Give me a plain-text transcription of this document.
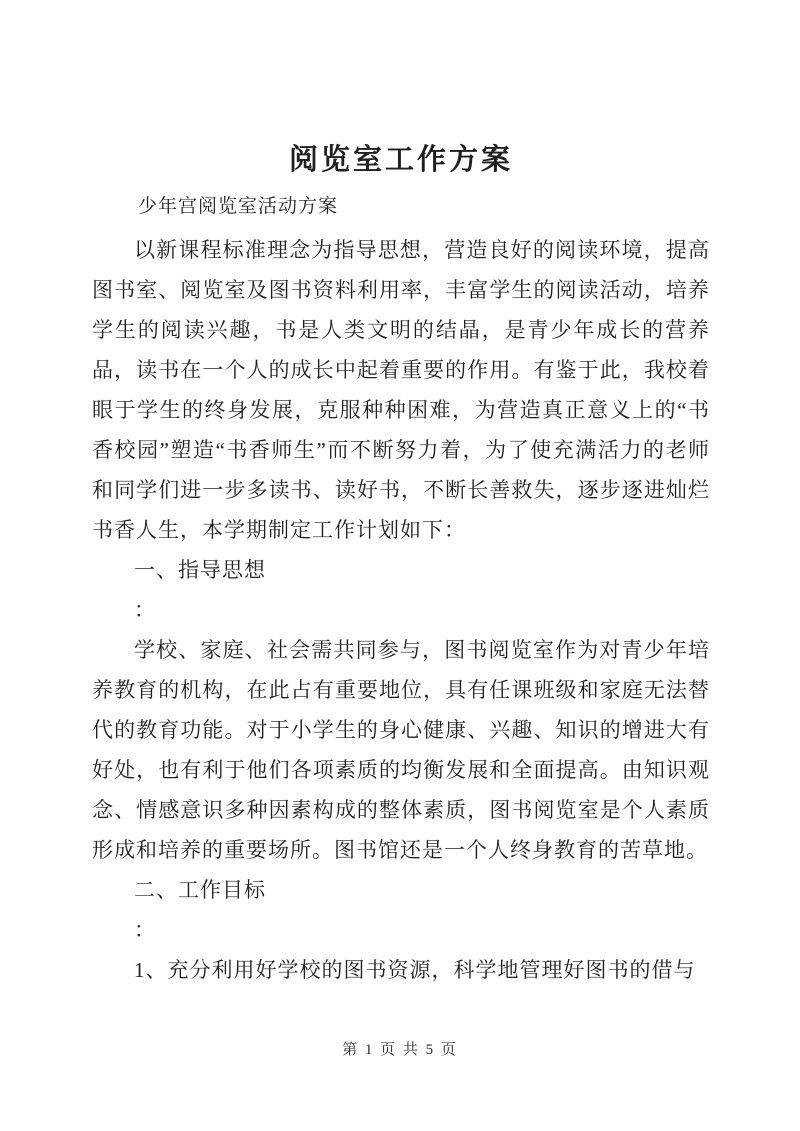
阅览室工作方案

少年宫阅览室活动方案

以新课程标准理念为指导思想，营造良好的阅读环境，提高图书室、阅览室及图书资料利用率，丰富学生的阅读活动，培养学生的阅读兴趣，书是人类文明的结晶，是青少年成长的营养品，读书在一个人的成长中起着重要的作用。有鉴于此，我校着眼于学生的终身发展，克服种种困难，为营造真正意义上的“书香校园”塑造“书香师生”而不断努力着，为了使充满活力的老师和同学们进一步多读书、读好书，不断长善救失，逐步逐进灿烂书香人生，本学期制定工作计划如下：

一、指导思想

：

学校、家庭、社会需共同参与，图书阅览室作为对青少年培养教育的机构，在此占有重要地位，具有任课班级和家庭无法替代的教育功能。对于小学生的身心健康、兴趣、知识的增进大有好处，也有利于他们各项素质的均衡发展和全面提高。由知识观念、情感意识多种因素构成的整体素质，图书阅览室是个人素质形成和培养的重要场所。图书馆还是一个人终身教育的苦草地。

二、工作目标

：

1、充分利用好学校的图书资源，科学地管理好图书的借与

第 1 页 共 5 页
